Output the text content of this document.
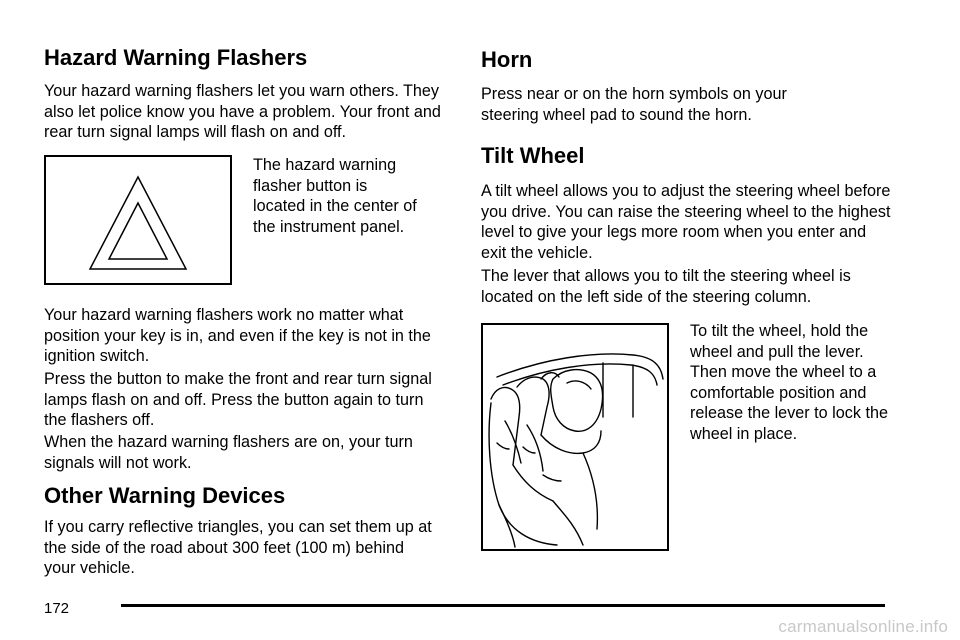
Hazard Warning Flashers

Your hazard warning flashers let you warn others. They also let police know you have a problem. Your front and rear turn signal lamps will flash on and off.

The hazard warning flasher button is located in the center of the instrument panel.

Your hazard warning flashers work no matter what position your key is in, and even if the key is not in the ignition switch.

Press the button to make the front and rear turn signal lamps flash on and off. Press the button again to turn the flashers off.

When the hazard warning flashers are on, your turn signals will not work.

Other Warning Devices

If you carry reflective triangles, you can set them up at the side of the road about 300 feet (100 m) behind your vehicle.

Horn

Press near or on the horn symbols on your steering wheel pad to sound the horn.

Tilt Wheel

A tilt wheel allows you to adjust the steering wheel before you drive. You can raise the steering wheel to the highest level to give your legs more room when you enter and exit the vehicle.

The lever that allows you to tilt the steering wheel is located on the left side of the steering column.

To tilt the wheel, hold the wheel and pull the lever. Then move the wheel to a comfortable position and release the lever to lock the wheel in place.

172
carmanualsonline.info
